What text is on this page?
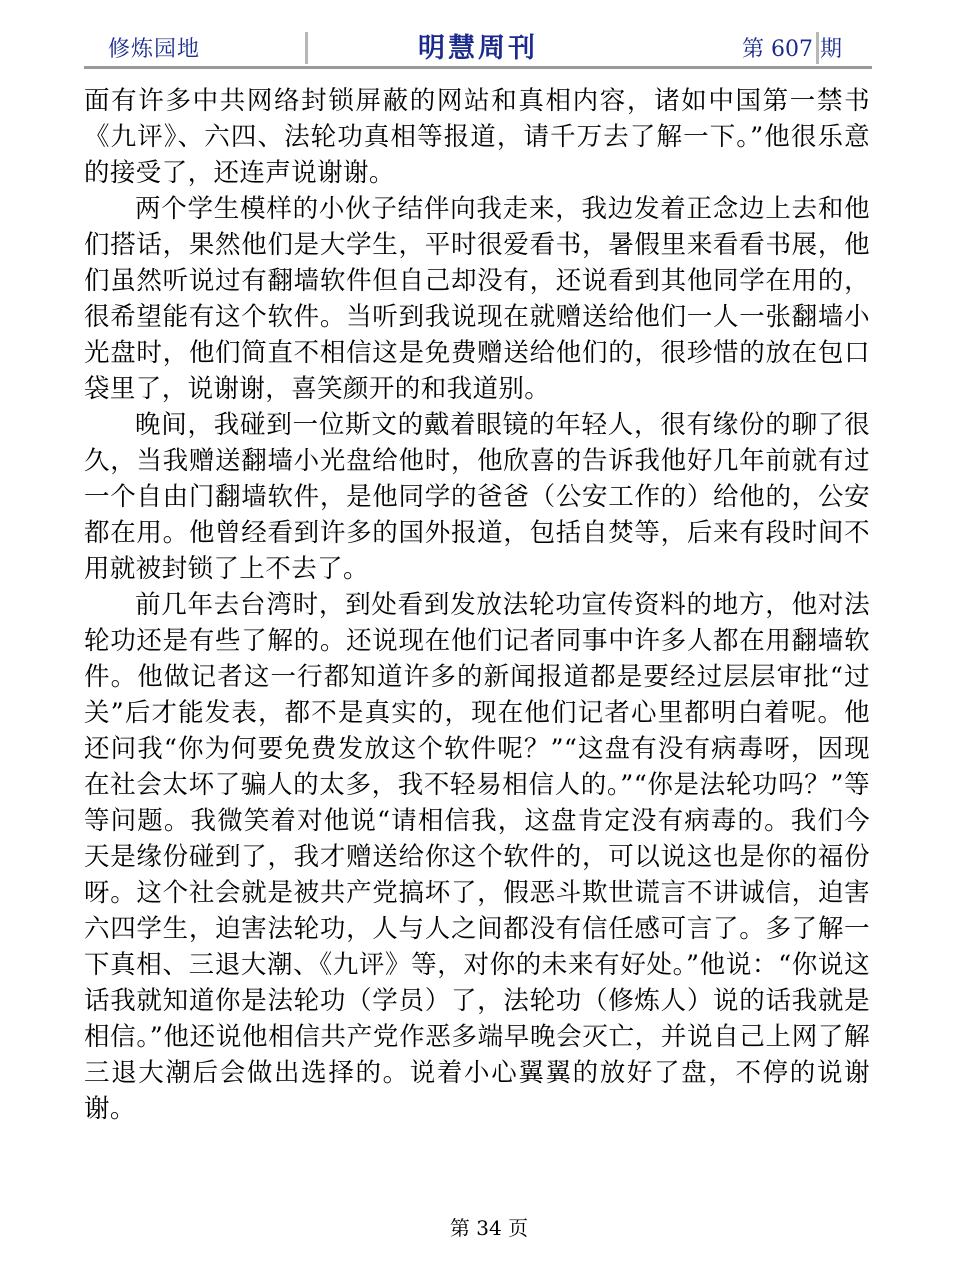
修炼园地	明慧周刊	第 607 期

面有许多中共网络封锁屏蔽的网站和真相内容，诸如中国第一禁书《九评》、六四、法轮功真相等报道，请千万去了解一下。”他很乐意的接受了，还连声说谢谢。

两个学生模样的小伙子结伴向我走来，我边发着正念边上去和他们搭话，果然他们是大学生，平时很爱看书，暑假里来看看书展，他们虽然听说过有翻墙软件但自己却没有，还说看到其他同学在用的，很希望能有这个软件。当听到我说现在就赠送给他们一人一张翻墙小光盘时，他们简直不相信这是免费赠送给他们的，很珍惜的放在包口袋里了，说谢谢，喜笑颜开的和我道别。

晚间，我碰到一位斯文的戴着眼镜的年轻人，很有缘份的聊了很久，当我赠送翻墙小光盘给他时，他欣喜的告诉我他好几年前就有过一个自由门翻墙软件，是他同学的爸爸（公安工作的）给他的，公安都在用。他曾经看到许多的国外报道，包括自焚等，后来有段时间不用就被封锁了上不去了。

前几年去台湾时，到处看到发放法轮功宣传资料的地方，他对法轮功还是有些了解的。还说现在他们记者同事中许多人都在用翻墙软件。他做记者这一行都知道许多的新闻报道都是要经过层层审批“过关”后才能发表，都不是真实的，现在他们记者心里都明白着呢。他还问我“你为何要免费发放这个软件呢？”“这盘有没有病毒呀，因现在社会太坏了骗人的太多，我不轻易相信人的。”“你是法轮功吗？”等等问题。我微笑着对他说“请相信我，这盘肯定没有病毒的。我们今天是缘份碰到了，我才赠送给你这个软件的，可以说这也是你的福份呀。这个社会就是被共产党搞坏了，假恶斗欺世谎言不讲诚信，迫害六四学生，迫害法轮功，人与人之间都没有信任感可言了。多了解一下真相、三退大潮、《九评》等，对你的未来有好处。”他说：“你说这话我就知道你是法轮功（学员）了，法轮功（修炼人）说的话我就是相信。”他还说他相信共产党作恶多端早晚会灭亡，并说自己上网了解三退大潮后会做出选择的。说着小心翼翼的放好了盘，不停的说谢谢。

第 34 页
